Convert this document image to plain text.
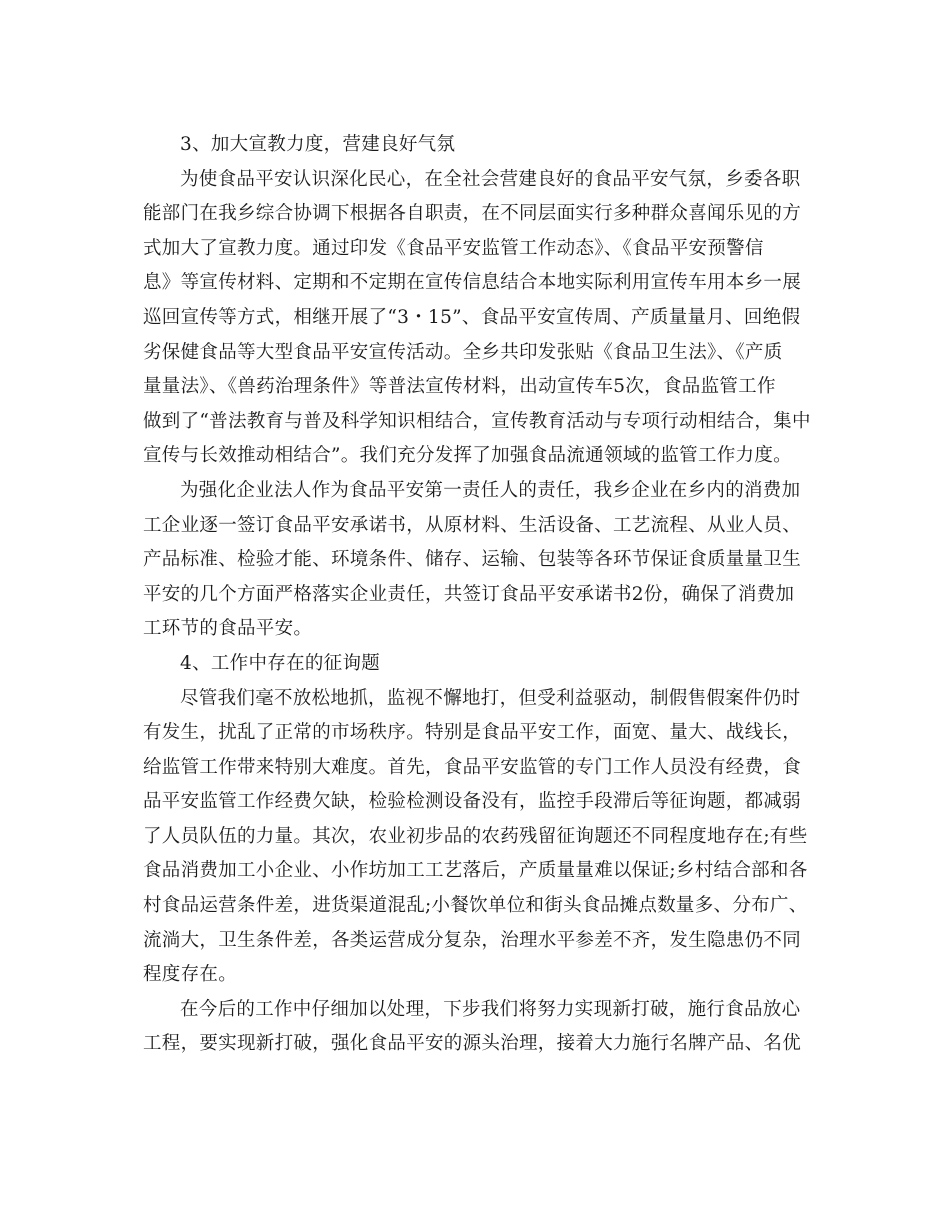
3、加大宣教力度，营建良好气氛
为使食品平安认识深化民心，在全社会营建良好的食品平安气氛，乡委各职
能部门在我乡综合协调下根据各自职责，在不同层面实行多种群众喜闻乐见的方
式加大了宣教力度。通过印发《食品平安监管工作动态》、《食品平安预警信
息》等宣传材料、定期和不定期在宣传信息结合本地实际利用宣传车用本乡一展
巡回宣传等方式，相继开展了“3・15”、食品平安宣传周、产质量量月、回绝假
劣保健食品等大型食品平安宣传活动。全乡共印发张贴《食品卫生法》、《产质
量量法》、《兽药治理条件》等普法宣传材料，出动宣传车5次，食品监管工作
做到了“普法教育与普及科学知识相结合，宣传教育活动与专项行动相结合，集中
宣传与长效推动相结合”。我们充分发挥了加强食品流通领域的监管工作力度。
为强化企业法人作为食品平安第一责任人的责任，我乡企业在乡内的消费加
工企业逐一签订食品平安承诺书，从原材料、生活设备、工艺流程、从业人员、
产品标准、检验才能、环境条件、储存、运输、包装等各环节保证食质量量卫生
平安的几个方面严格落实企业责任，共签订食品平安承诺书2份，确保了消费加
工环节的食品平安。
4、工作中存在的征询题
尽管我们毫不放松地抓，监视不懈地打，但受利益驱动，制假售假案件仍时
有发生，扰乱了正常的市场秩序。特别是食品平安工作，面宽、量大、战线长，
给监管工作带来特别大难度。首先，食品平安监管的专门工作人员没有经费，食
品平安监管工作经费欠缺，检验检测设备没有，监控手段滞后等征询题，都减弱
了人员队伍的力量。其次，农业初步品的农药残留征询题还不同程度地存在;有些
食品消费加工小企业、小作坊加工工艺落后，产质量量难以保证;乡村结合部和各
村食品运营条件差，进货渠道混乱;小餐饮单位和街头食品摊点数量多、分布广、
流淌大，卫生条件差，各类运营成分复杂，治理水平参差不齐，发生隐患仍不同
程度存在。
在今后的工作中仔细加以处理，下步我们将努力实现新打破，施行食品放心
工程，要实现新打破，强化食品平安的源头治理，接着大力施行名牌产品、名优
